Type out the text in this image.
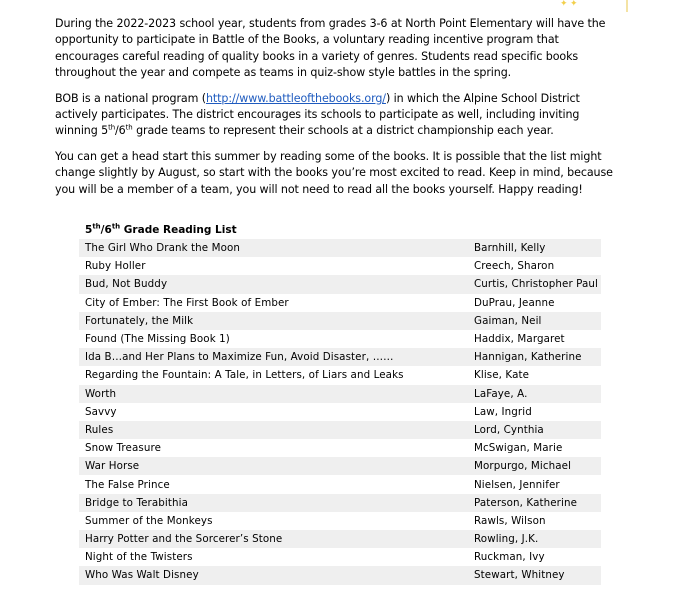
✦ ✦

During the 2022-2023 school year, students from grades 3-6 at North Point Elementary will have the opportunity to participate in Battle of the Books, a voluntary reading incentive program that encourages careful reading of quality books in a variety of genres. Students read specific books throughout the year and compete as teams in quiz-show style battles in the spring.

BOB is a national program (http://www.battleofthebooks.org/) in which the Alpine School District actively participates. The district encourages its schools to participate as well, including inviting winning 5th/6th grade teams to represent their schools at a district championship each year.

You can get a head start this summer by reading some of the books. It is possible that the list might change slightly by August, so start with the books you’re most excited to read. Keep in mind, because you will be a member of a team, you will not need to read all the books yourself. Happy reading!

5th/6th Grade Reading List
The Girl Who Drank the Moon	Barnhill, Kelly
Ruby Holler	Creech, Sharon
Bud, Not Buddy	Curtis, Christopher Paul
City of Ember: The First Book of Ember	DuPrau, Jeanne
Fortunately, the Milk	Gaiman, Neil
Found (The Missing Book 1)	Haddix, Margaret
Ida B…and Her Plans to Maximize Fun, Avoid Disaster, ……	Hannigan, Katherine
Regarding the Fountain: A Tale, in Letters, of Liars and Leaks	Klise, Kate
Worth	LaFaye, A.
Savvy	Law, Ingrid
Rules	Lord, Cynthia
Snow Treasure	McSwigan, Marie
War Horse	Morpurgo, Michael
The False Prince	Nielsen, Jennifer
Bridge to Terabithia	Paterson, Katherine
Summer of the Monkeys	Rawls, Wilson
Harry Potter and the Sorcerer’s Stone	Rowling, J.K.
Night of the Twisters	Ruckman, Ivy
Who Was Walt Disney	Stewart, Whitney
